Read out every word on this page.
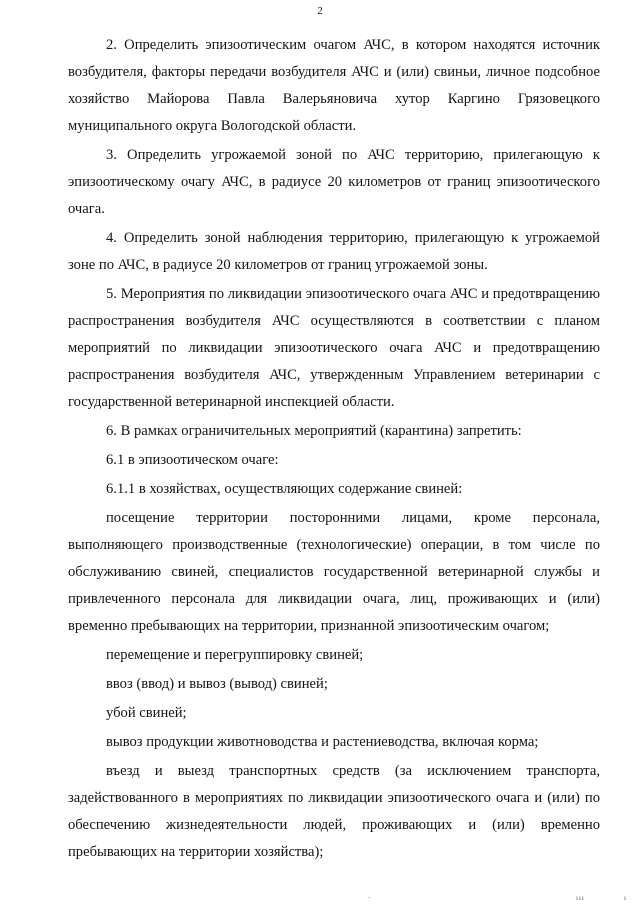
2

2. Определить эпизоотическим очагом АЧС, в котором находятся источник возбудителя, факторы передачи возбудителя АЧС и (или) свиньи, личное подсобное хозяйство Майорова Павла Валерьяновича хутор Каргино Грязовецкого муниципального округа Вологодской области.

3. Определить угрожаемой зоной по АЧС территорию, прилегающую к эпизоотическому очагу АЧС, в радиусе 20 километров от границ эпизоотического очага.

4. Определить зоной наблюдения территорию, прилегающую к угрожаемой зоне по АЧС, в радиусе 20 километров от границ угрожаемой зоны.

5. Мероприятия по ликвидации эпизоотического очага АЧС и предотвращению распространения возбудителя АЧС осуществляются в соответствии с планом мероприятий по ликвидации эпизоотического очага АЧС и предотвращению распространения возбудителя АЧС, утвержденным Управлением ветеринарии с государственной ветеринарной инспекцией области.

6. В рамках ограничительных мероприятий (карантина) запретить:

6.1 в эпизоотическом очаге:

6.1.1 в хозяйствах, осуществляющих содержание свиней:

посещение территории посторонними лицами, кроме персонала, выполняющего производственные (технологические) операции, в том числе по обслуживанию свиней, специалистов государственной ветеринарной службы и привлеченного персонала для ликвидации очага, лиц, проживающих и (или) временно пребывающих на территории, признанной эпизоотическим очагом;

перемещение и перегруппировку свиней;

ввоз (ввод) и вывоз (вывод) свиней;

убой свиней;

вывоз продукции животноводства и растениеводства, включая корма;

въезд и выезд транспортных средств (за исключением транспорта, задействованного в мероприятиях по ликвидации эпизоотического очага и (или) по обеспечению жизнедеятельности людей, проживающих и (или) временно пребывающих на территории хозяйства);

·	ııı	ı
